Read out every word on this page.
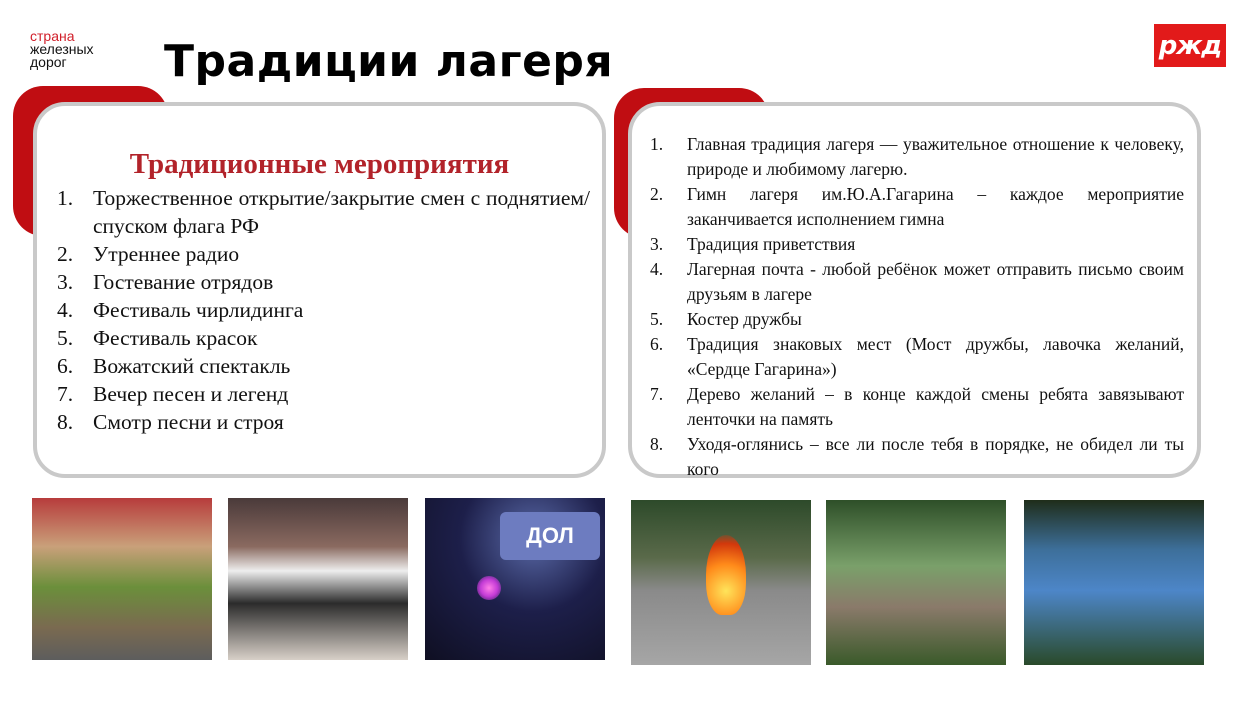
страна
железных
дорог	Традиции лагеря	ржд
Традиционные мероприятия
1. Торжественное открытие/закрытие смен с поднятием/спуском флага РФ
2. Утреннее радио
3. Гостевание отрядов
4. Фестиваль чирлидинга
5. Фестиваль красок
6. Вожатский спектакль
7. Вечер песен и легенд
8. Смотр песни и строя
1.	Главная традиция лагеря — уважительное отношение к человеку, природе и любимому лагерю.
2.	Гимн лагеря им.Ю.А.Гагарина – каждое мероприятие заканчивается исполнением гимна
3.	Традиция приветствия
4.	Лагерная почта - любой ребёнок может отправить письмо своим друзьям в лагере
5.	Костер дружбы
6.	Традиция знаковых мест (Мост дружбы, лавочка желаний, «Сердце Гагарина»)
7.	Дерево желаний – в конце каждой смены ребята завязывают ленточки на память
8.	Уходя-оглянись – все ли после тебя в порядке, не обидел ли ты кого
ДОЛ
